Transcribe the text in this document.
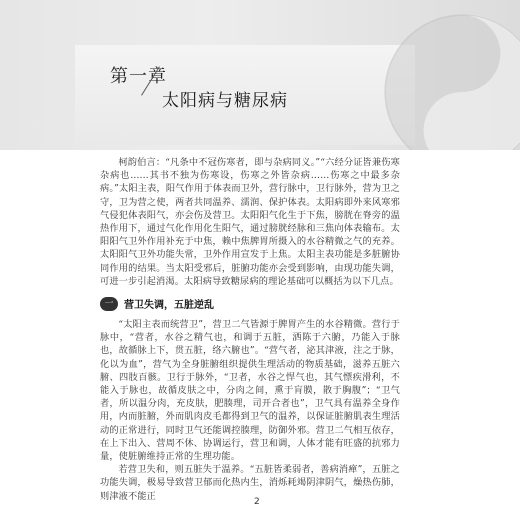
第一章
太阳病与糖尿病

柯韵伯言：“凡条中不冠伤寒者，即与杂病同义。”“六经分证皆兼伤寒杂病也……其书不独为伤寒设，伤寒之外皆杂病……伤寒之中最多杂病。”太阳主表，阳气作用于体表而卫外，营行脉中，卫行脉外，营为卫之守，卫为营之使，两者共同温养、濡润、保护体表。太阳病即外来风寒邪气侵犯体表阳气，亦会伤及营卫。太阳阳气化生于下焦，膀胱在脊旁的温热作用下，通过气化作用化生阳气，通过膀胱经脉和三焦向体表输布。太阳阳气卫外作用补充于中焦，赖中焦脾胃所摄入的水谷精微之气的充养。太阳阳气卫外功能失常，卫外作用宣发于上焦。太阳主表功能是多脏腑协同作用的结果。当太阳受邪后，脏腑功能亦会受到影响，由现功能失调，可进一步引起消渴。太阳病导致糖尿病的理论基础可以概括为以下几点。

一	营卫失调，五脏逆乱

“太阳主表而统营卫”，营卫二气皆源于脾胃产生的水谷精微。营行于脉中，“营者，水谷之精气也，和调于五脏，洒陈于六腑，乃能入于脉也，故循脉上下，贯五脏，络六腑也”。“营气者，泌其津液，注之于脉，化以为血”，营气为全身脏腑组织提供生理活动的物质基础，滋养五脏六腑、四肢百骸。卫行于脉外，“卫者，水谷之悍气也，其气慓疾滑利，不能入于脉也，故循皮肤之中，分肉之间，熏于肓膜，散于胸腹”；“卫气者，所以温分肉，充皮肤，肥腠理，司开合者也”，卫气具有温养全身作用，内而脏腑，外而肌肉皮毛都得到卫气的温养，以保证脏腑肌表生理活动的正常进行，同时卫气还能调控腠理，防御外邪。营卫二气相互依存，在上下出入、营周不休、协调运行，营卫和调，人体才能有旺盛的抗邪力量，使脏腑维持正常的生理功能。

若营卫失和，则五脏失于温养。“五脏皆柔弱者，善病消瘅”，五脏之功能失调，极易导致营卫郁而化热内生，消烁耗竭阴津阴气，燥热伤肺，则津液不能正

2
